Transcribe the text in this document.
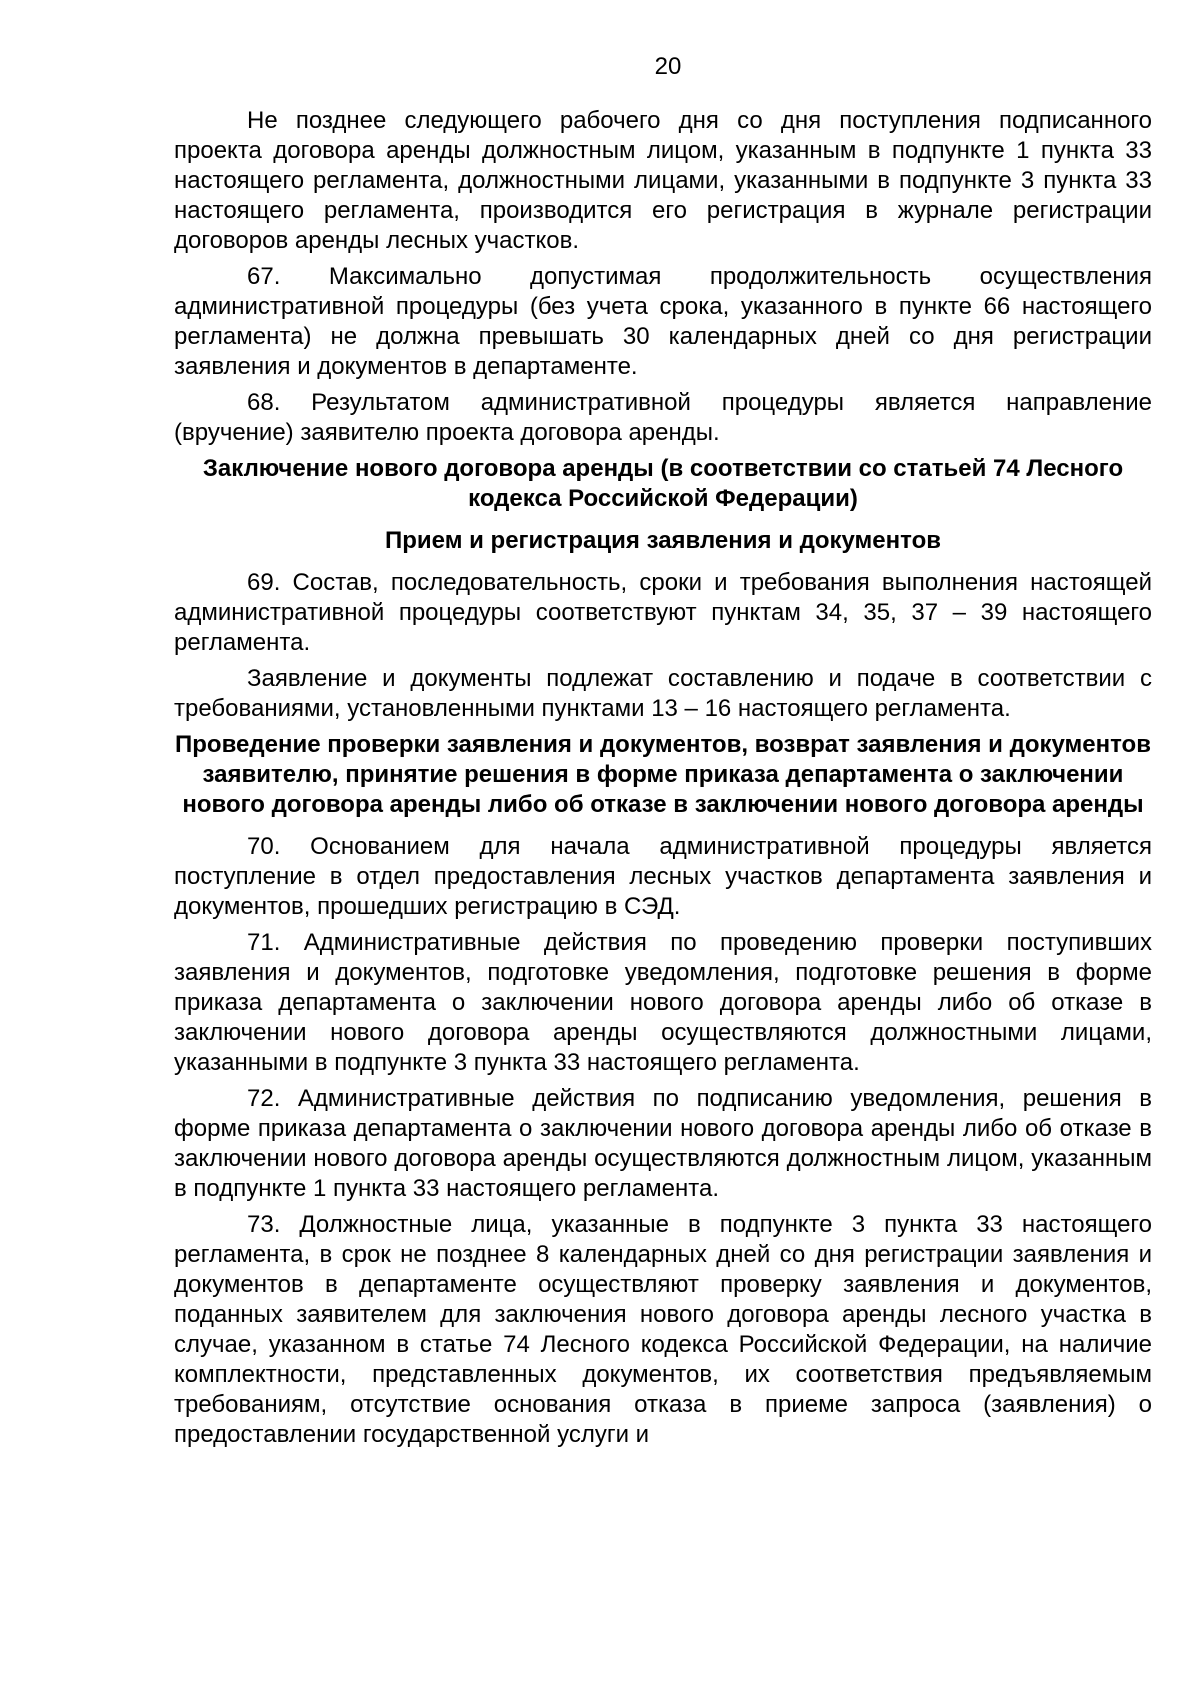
20

Не позднее следующего рабочего дня со дня поступления подписанного проекта договора аренды должностным лицом, указанным в подпункте 1 пункта 33 настоящего регламента, должностными лицами, указанными в подпункте 3 пункта 33 настоящего регламента, производится его регистрация в журнале регистрации договоров аренды лесных участков.

67. Максимально допустимая продолжительность осуществления административной процедуры (без учета срока, указанного в пункте 66 настоящего регламента) не должна превышать 30 календарных дней со дня регистрации заявления и документов в департаменте.

68. Результатом административной процедуры является направление (вручение) заявителю проекта договора аренды.

Заключение нового договора аренды (в соответствии со статьей 74 Лесного кодекса Российской Федерации)
Прием и регистрация заявления и документов

69. Состав, последовательность, сроки и требования выполнения настоящей административной процедуры соответствуют пунктам 34, 35, 37 – 39 настоящего регламента.

Заявление и документы подлежат составлению и подаче в соответствии с требованиями, установленными пунктами 13 – 16 настоящего регламента.

Проведение проверки заявления и документов, возврат заявления и документов заявителю, принятие решения в форме приказа департамента о заключении нового договора аренды либо об отказе в заключении нового договора аренды

70. Основанием для начала административной процедуры является поступление в отдел предоставления лесных участков департамента заявления и документов, прошедших регистрацию в СЭД.

71. Административные действия по проведению проверки поступивших заявления и документов, подготовке уведомления, подготовке решения в форме приказа департамента о заключении нового договора аренды либо об отказе в заключении нового договора аренды осуществляются должностными лицами, указанными в подпункте 3 пункта 33 настоящего регламента.

72. Административные действия по подписанию уведомления, решения в форме приказа департамента о заключении нового договора аренды либо об отказе в заключении нового договора аренды осуществляются должностным лицом, указанным в подпункте 1 пункта 33 настоящего регламента.

73. Должностные лица, указанные в подпункте 3 пункта 33 настоящего регламента, в срок не позднее 8 календарных дней со дня регистрации заявления и документов в департаменте осуществляют проверку заявления и документов, поданных заявителем для заключения нового договора аренды лесного участка в случае, указанном в статье 74 Лесного кодекса Российской Федерации, на наличие комплектности, представленных документов, их соответствия предъявляемым требованиям, отсутствие основания отказа в приеме запроса (заявления) о предоставлении государственной услуги и
